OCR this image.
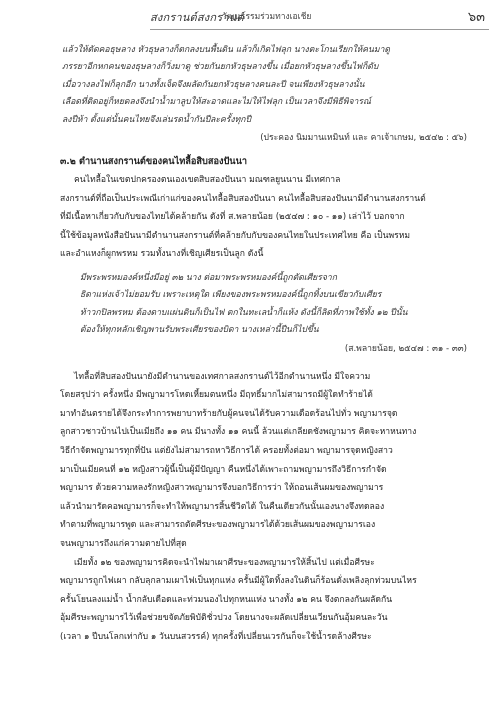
สงกรานต์สงกรานต์
วัฒนธรรมร่วมทางเอเชีย	๖๓

แล้วให้ตัดคอธุษลาง หัวธุษลางก็ตกลงบนพื้นดิน แล้วก็เกิดไฟลุก นางตะโกนเรียกให้คนมาดู

ภรรยาอีกหกคนของธุษลางก็วิ่งมาดู ช่วยกันยกหัวธุษลางขึ้น เมื่อยกหัวธุษลางขึ้นไฟก็ดับ

เมื่อวางลงไฟก็ลุกอีก นางทั้งเจ็ดจึงผลัดกันยกหัวธุษลางคนละปี จนเพียงหัวธุษลางนั้น

เลือดที่ติดอยู่ก็หยดลงจึงนำน้ำมาลูบให้สะอาดและไม่ให้ไฟลุก เป็นเวลาจึงมีพิธีพิจารณ์

ลงปีห้า ตั้งแต่นั้นคนไทยจึงเล่นรดน้ำกันปีละครั้งทุกปี

(ประคอง นิมมานเหมินท์ และ คาเจ้าเกษม, ๒๕๔๒ : ๕๖)

๓.๒ ตำนานสงกรานต์ของคนไทลื้อสิบสองปันนา

คนไทลื้อในเขตปกครองตนเองเขตสิบสองปันนา มณฑลยูนนาน มีเทศกาล

สงกรานต์ที่ถือเป็นประเพณีเก่าแก่ของคนไทลื้อสิบสองปันนา คนไทลื้อสิบสองปันนามีตำนานสงกรานต์

ที่มีเนื้อหาเกี่ยวกับกับของไทยได้คล้ายกัน ดังที่ ส.พลายน้อย (๒๕๔๗ : ๑๐ - ๑๑) เล่าไว้ บอกจาก

นี้ใช้ข้อมูลหนังสือปันนามีตำนานสงกรานต์ที่คล้ายกับกับของคนไทยในประเทศไทย คือ เป็นพรหม

และอำแหงก็ผูกพรหม รวมทั้งนางที่เชิญเศียรเป็นลูก ดังนี้

มีพระพรหมองค์หนึ่งมีอยู่ ๓๒ นาง ต่อมาพระพรหมองค์นี้ถูกตัดเศียรจาก

ธิดาแห่งเจ้าไม่ยอมรับ เพราะเหตุใด เพียงของพระพรหมองค์นี้ถูกทิ้งบนเขียวกับเศียร

ท้าวกปิลพรหม ต้องดาบแผ่นดินก็เป็นไฟ ตกในทะเลน้ำก็แห้ง ดังนี้ก็ลิดที่ภาพใช้ทั้ง ๑๒ ปีนั้น

ต้องให้ทุกหลักเชิญพานรับพระเศียรของบิดา นางเหล่านี้ปีนก็ไปขึ้น

(ส.พลายน้อย, ๒๕๔๗ : ๓๑ - ๓๓)

ไทลื้อที่สิบสองปันนายังมีตำนานของเทศกาลสงกรานต์ไว้อีกตำนานหนึ่ง มีใจความ

โดยสรุปว่า ครั้งหนึ่ง มีพญามารโหดเหี้ยมตนหนึ่ง มีฤทธิ์มากไม่สามารถมีผู้ใดทำร้ายได้

มาทำอันตรายได้จึงกระทำการพยาบาทร้ายกับผู้คนจนได้รับความเดือดร้อนไปทั่ว พญามารจุด

ลูกสาวชาวบ้านไปเป็นเมียถึง ๑๑ คน มีนางทั้ง ๑๑ คนนี้ ล้วนแต่เกลียดชังพญามาร คิดจะหาหนทาง

วิธีกำจัดพญามารทุกที่ปัน แต่ยังไม่สามารถหาวิธีการได้ ครอยทั้งต่อมา พญามารจุดหญิงสาว

มาเป็นเมียคนที่ ๑๒ หญิงสาวผู้นี้เป็นผู้มีปัญญา คืนหนึ่งได้เพาะถามพญามารถึงวิธีการกำจัด

พญามาร ด้วยความหลงรักหญิงสาวพญามารจึงบอกวิธีการว่า ให้ถอนเส้นผมของพญามาร

แล้วนำมารัดคอพญามารก็จะทำให้พญามารสิ้นชีวิตได้ ในคืนเดียวกันนั้นเองนางจึงทดลอง

ทำตามที่พญามารพูด และสามารถตัดศีรษะของพญามารได้ด้วยเส้นผมของพญามารเอง

จนพญามารถึงแก่ความตายไปที่สุด

เมียทั้ง ๑๒ ของพญามารคิดจะนำไฟมาเผาศีรษะของพญามารให้สิ้นไป แต่เมื่อศีรษะ

พญามารถูกไฟเผา กลับลุกลามเผาไฟเป็นทุกแห่ง ครั้นมีผู้ใดทิ้งลงในดินก็ร้อนดั่งเพลิงลุกท่วมบนไหร

ครั้นโยนลงแม่น้ำ น้ำกลับเดือดและท่วมนองไปทุกหนแห่ง นางทั้ง ๑๒ คน จึงตกลงกันผลัดกัน

อุ้มศีรษะพญามารไว้เพื่อช่วยขจัดภัยพิบัติชั่วปวง โดยนางจะผลัดเปลี่ยนเวียนกันอุ้มคนละวัน

(เวลา ๑ ปีบนโลกเท่ากับ ๑ วันบนสวรรค์) ทุกครั้งที่เปลี่ยนเวรกันก็จะใช้น้ำรดล้างศีรษะ
